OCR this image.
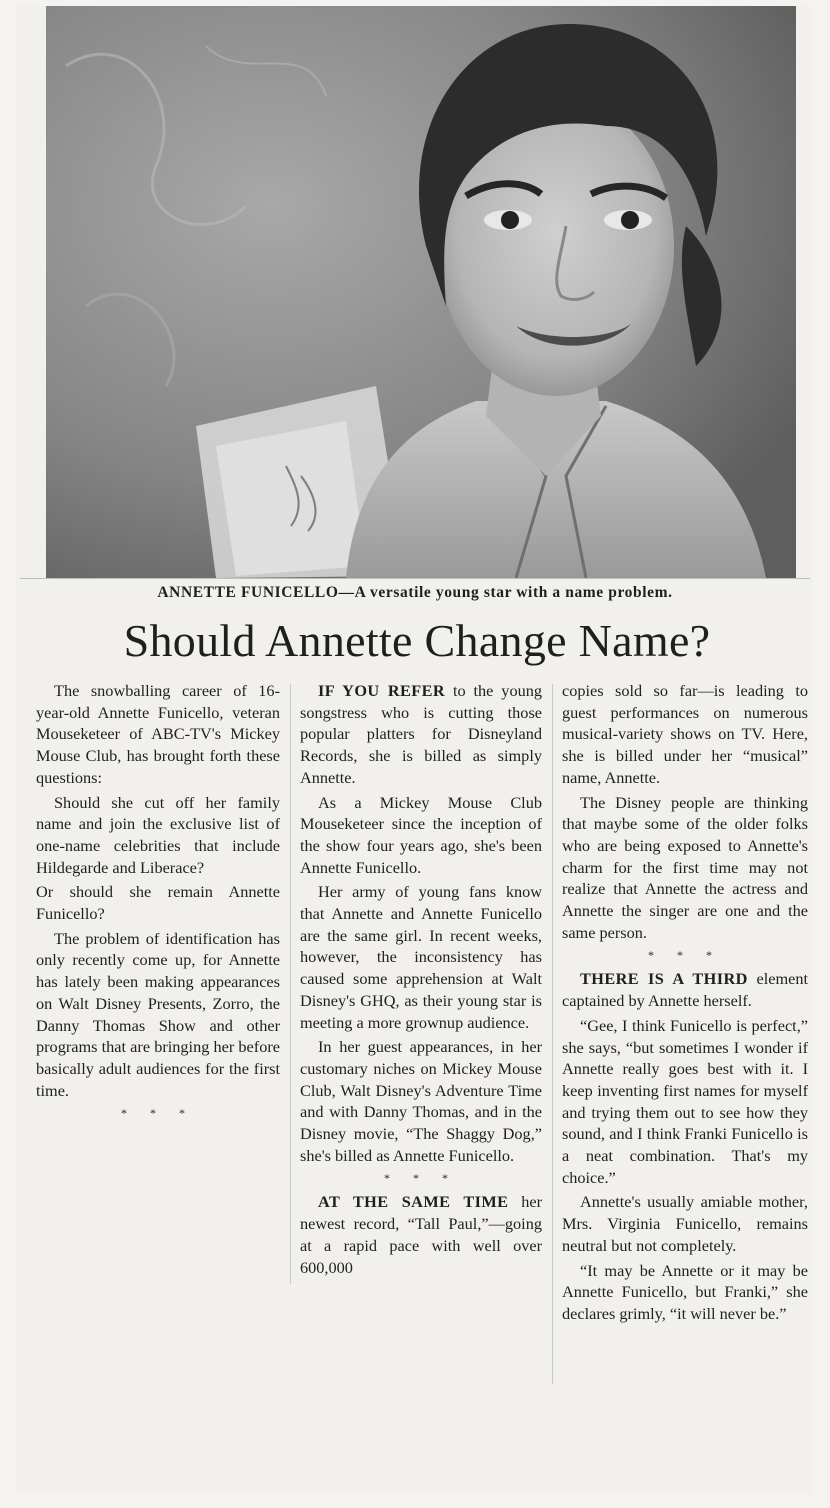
ANNETTE FUNICELLO—A versatile young star with a name problem.
Should Annette Change Name?

The snowballing career of 16-year-old Annette Funicello, veteran Mouseketeer of ABC-TV's Mickey Mouse Club, has brought forth these questions:

Should she cut off her family name and join the exclusive list of one-name celebrities that include Hildegarde and Liberace?

Or should she remain Annette Funicello?

The problem of identification has only recently come up, for Annette has lately been making appearances on Walt Disney Presents, Zorro, the Danny Thomas Show and other programs that are bringing her before basically adult audiences for the first time.

* * *

IF YOU REFER to the young songstress who is cutting those popular platters for Disneyland Records, she is billed as simply Annette.

As a Mickey Mouse Club Mouseketeer since the inception of the show four years ago, she's been Annette Funicello.

Her army of young fans know that Annette and Annette Funicello are the same girl. In recent weeks, however, the inconsistency has caused some apprehension at Walt Disney's GHQ, as their young star is meeting a more grownup audience.

In her guest appearances, in her customary niches on Mickey Mouse Club, Walt Disney's Adventure Time and with Danny Thomas, and in the Disney movie, “The Shaggy Dog,” she's billed as Annette Funicello.

* * *

AT THE SAME TIME her newest record, “Tall Paul,”—going at a rapid pace with well over 600,000

copies sold so far—is leading to guest performances on numerous musical-variety shows on TV. Here, she is billed under her “musical” name, Annette.

The Disney people are thinking that maybe some of the older folks who are being exposed to Annette's charm for the first time may not realize that Annette the actress and Annette the singer are one and the same person.

* * *

THERE IS A THIRD element captained by Annette herself.

“Gee, I think Funicello is perfect,” she says, “but sometimes I wonder if Annette really goes best with it. I keep inventing first names for myself and trying them out to see how they sound, and I think Franki Funicello is a neat combination. That's my choice.”

Annette's usually amiable mother, Mrs. Virginia Funicello, remains neutral but not completely.

“It may be Annette or it may be Annette Funicello, but Franki,” she declares grimly, “it will never be.”
